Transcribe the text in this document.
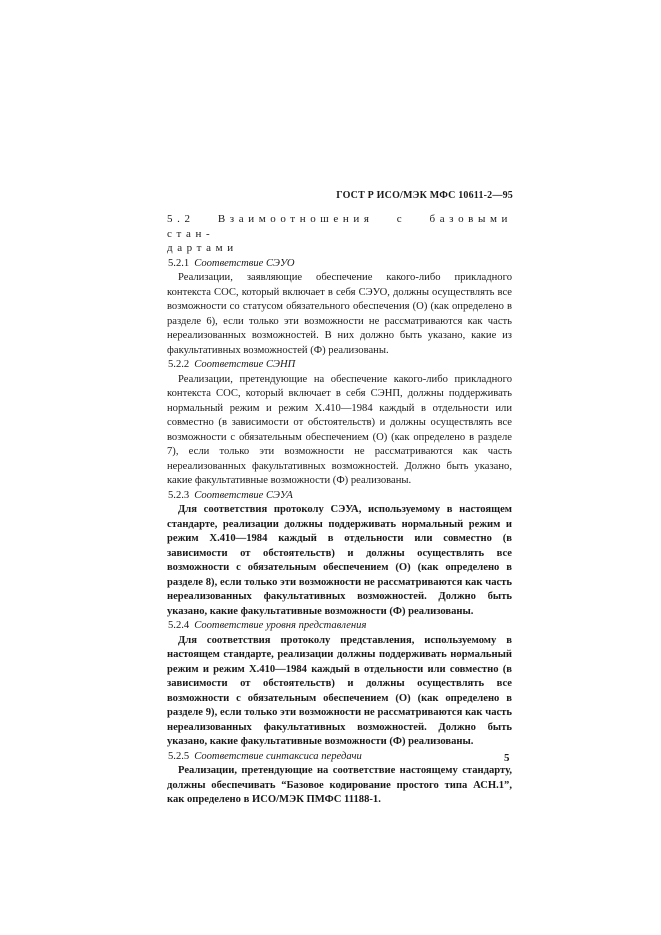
ГОСТ Р ИСО/МЭК МФС 10611-2—95
5.2 Взаимоотношения с базовыми стан-
дартами
5.2.1 Соответствие СЭУО

Реализации, заявляющие обеспечение какого-либо прикладного контекста СОС, который включает в себя СЭУО, должны осуществлять все возможности со статусом обязательного обеспечения (О) (как определено в разделе 6), если только эти возможности не рассматриваются как часть нереализованных возможностей. В них должно быть указано, какие из факультативных возможностей (Ф) реализованы.

5.2.2 Соответствие СЭНП

Реализации, претендующие на обеспечение какого-либо прикладного контекста СОС, который включает в себя СЭНП, должны поддерживать нормальный режим и режим Х.410—1984 каждый в отдельности или совместно (в зависимости от обстоятельств) и должны осуществлять все возможности с обязательным обеспечением (О) (как определено в разделе 7), если только эти возможности не рассматриваются как часть нереализованных факультативных возможностей. Должно быть указано, какие факультативные возможности (Ф) реализованы.

5.2.3 Соответствие СЭУА

Для соответствия протоколу СЭУА, используемому в настоящем стандарте, реализации должны поддерживать нормальный режим и режим Х.410—1984 каждый в отдельности или совместно (в зависимости от обстоятельств) и должны осуществлять все возможности с обязательным обеспечением (О) (как определено в разделе 8), если только эти возможности не рассматриваются как часть нереализованных факультативных возможностей. Должно быть указано, какие факультативные возможности (Ф) реализованы.

5.2.4 Соответствие уровня представления

Для соответствия протоколу представления, используемому в настоящем стандарте, реализации должны поддерживать нормальный режим и режим Х.410—1984 каждый в отдельности или совместно (в зависимости от обстоятельств) и должны осуществлять все возможности с обязательным обеспечением (О) (как определено в разделе 9), если только эти возможности не рассматриваются как часть нереализованных факультативных возможностей. Должно быть указано, какие факультативные возможности (Ф) реализованы.

5.2.5 Соответствие синтаксиса передачи

Реализации, претендующие на соответствие настоящему стандарту, должны обеспечивать “Базовое кодирование простого типа АСН.1”, как определено в ИСО/МЭК ПМФС 11188-1.

5
